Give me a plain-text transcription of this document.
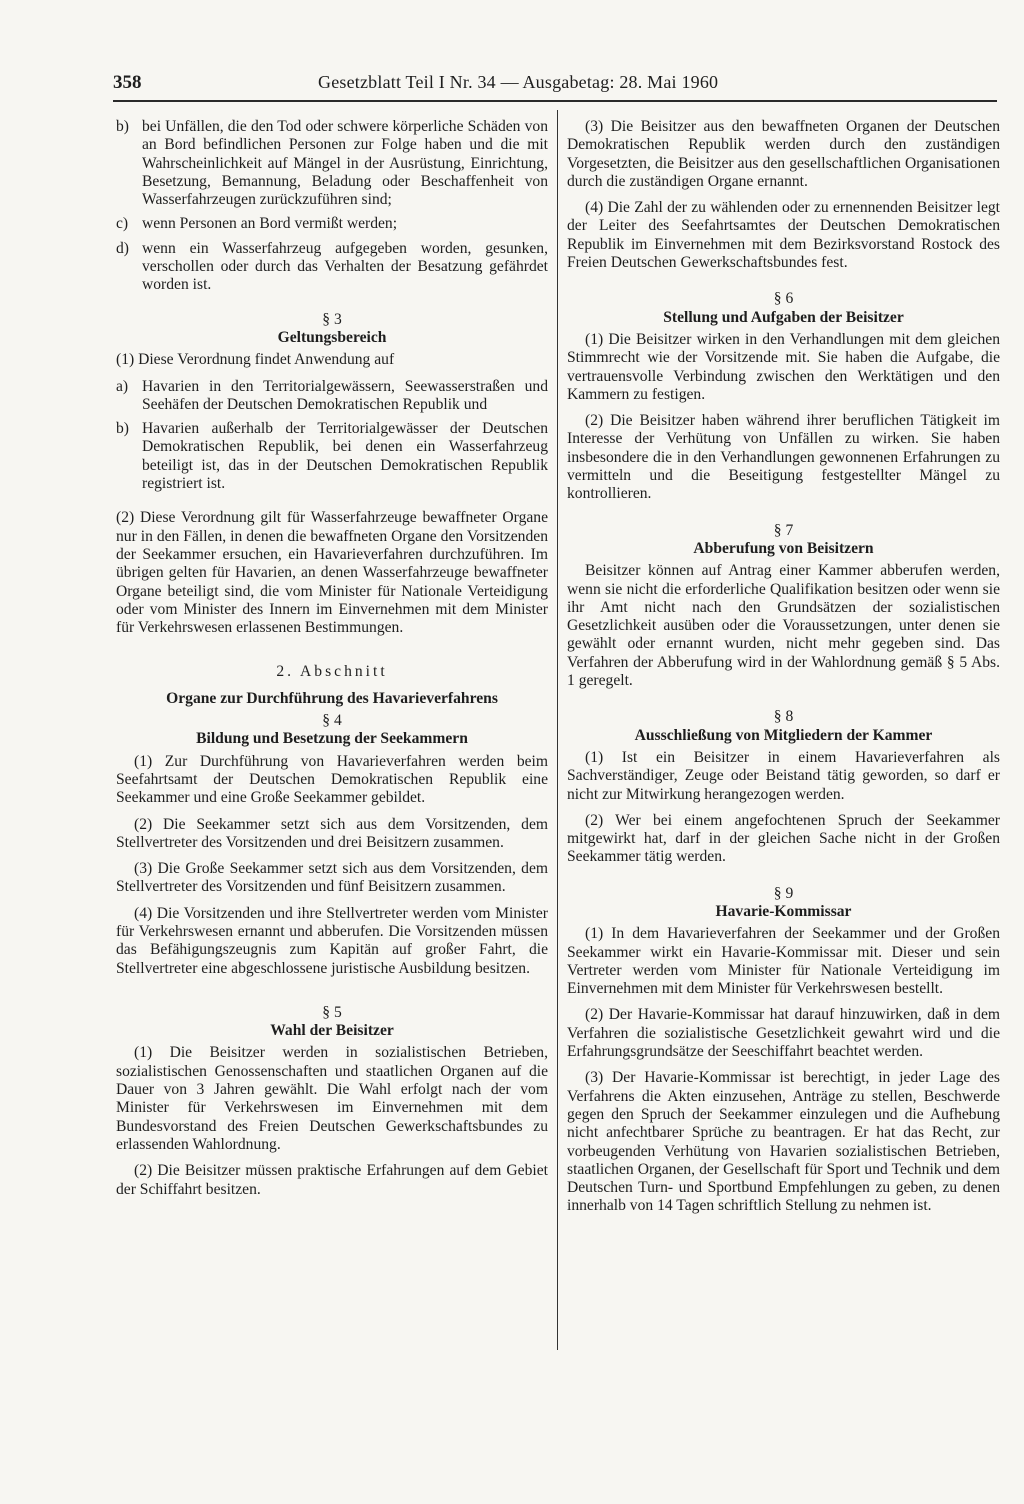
358	Gesetzblatt Teil I Nr. 34 — Ausgabetag: 28. Mai 1960
b) bei Unfällen, die den Tod oder schwere körperliche Schäden von an Bord befindlichen Personen zur Folge haben und die mit Wahrscheinlichkeit auf Mängel in der Ausrüstung, Einrichtung, Besetzung, Bemannung, Beladung oder Beschaffenheit von Wasserfahrzeugen zurückzuführen sind;
c) wenn Personen an Bord vermißt werden;
d) wenn ein Wasserfahrzeug aufgegeben worden, gesunken, verschollen oder durch das Verhalten der Besatzung gefährdet worden ist.
§ 3
Geltungsbereich

(1) Diese Verordnung findet Anwendung auf

a) Havarien in den Territorialgewässern, Seewasserstraßen und Seehäfen der Deutschen Demokratischen Republik und
b) Havarien außerhalb der Territorialgewässer der Deutschen Demokratischen Republik, bei denen ein Wasserfahrzeug beteiligt ist, das in der Deutschen Demokratischen Republik registriert ist.

(2) Diese Verordnung gilt für Wasserfahrzeuge bewaffneter Organe nur in den Fällen, in denen die bewaffneten Organe den Vorsitzenden der Seekammer ersuchen, ein Havarieverfahren durchzuführen. Im übrigen gelten für Havarien, an denen Wasserfahrzeuge bewaffneter Organe beteiligt sind, die vom Minister für Nationale Verteidigung oder vom Minister des Innern im Einvernehmen mit dem Minister für Verkehrswesen erlassenen Bestimmungen.

2. Abschnitt
Organe zur Durchführung des Havarieverfahrens
§ 4
Bildung und Besetzung der Seekammern

(1) Zur Durchführung von Havarieverfahren werden beim Seefahrtsamt der Deutschen Demokratischen Republik eine Seekammer und eine Große Seekammer gebildet.

(2) Die Seekammer setzt sich aus dem Vorsitzenden, dem Stellvertreter des Vorsitzenden und drei Beisitzern zusammen.

(3) Die Große Seekammer setzt sich aus dem Vorsitzenden, dem Stellvertreter des Vorsitzenden und fünf Beisitzern zusammen.

(4) Die Vorsitzenden und ihre Stellvertreter werden vom Minister für Verkehrswesen ernannt und abberufen. Die Vorsitzenden müssen das Befähigungszeugnis zum Kapitän auf großer Fahrt, die Stellvertreter eine abgeschlossene juristische Ausbildung besitzen.

§ 5
Wahl der Beisitzer

(1) Die Beisitzer werden in sozialistischen Betrieben, sozialistischen Genossenschaften und staatlichen Organen auf die Dauer von 3 Jahren gewählt. Die Wahl erfolgt nach der vom Minister für Verkehrswesen im Einvernehmen mit dem Bundesvorstand des Freien Deutschen Gewerkschaftsbundes zu erlassenden Wahlordnung.

(2) Die Beisitzer müssen praktische Erfahrungen auf dem Gebiet der Schiffahrt besitzen.

(3) Die Beisitzer aus den bewaffneten Organen der Deutschen Demokratischen Republik werden durch den zuständigen Vorgesetzten, die Beisitzer aus den gesellschaftlichen Organisationen durch die zuständigen Organe ernannt.

(4) Die Zahl der zu wählenden oder zu ernennenden Beisitzer legt der Leiter des Seefahrtsamtes der Deutschen Demokratischen Republik im Einvernehmen mit dem Bezirksvorstand Rostock des Freien Deutschen Gewerkschaftsbundes fest.

§ 6
Stellung und Aufgaben der Beisitzer

(1) Die Beisitzer wirken in den Verhandlungen mit dem gleichen Stimmrecht wie der Vorsitzende mit. Sie haben die Aufgabe, die vertrauensvolle Verbindung zwischen den Werktätigen und den Kammern zu festigen.

(2) Die Beisitzer haben während ihrer beruflichen Tätigkeit im Interesse der Verhütung von Unfällen zu wirken. Sie haben insbesondere die in den Verhandlungen gewonnenen Erfahrungen zu vermitteln und die Beseitigung festgestellter Mängel zu kontrollieren.

§ 7
Abberufung von Beisitzern

Beisitzer können auf Antrag einer Kammer abberufen werden, wenn sie nicht die erforderliche Qualifikation besitzen oder wenn sie ihr Amt nicht nach den Grundsätzen der sozialistischen Gesetzlichkeit ausüben oder die Voraussetzungen, unter denen sie gewählt oder ernannt wurden, nicht mehr gegeben sind. Das Verfahren der Abberufung wird in der Wahlordnung gemäß § 5 Abs. 1 geregelt.

§ 8
Ausschließung von Mitgliedern der Kammer

(1) Ist ein Beisitzer in einem Havarieverfahren als Sachverständiger, Zeuge oder Beistand tätig geworden, so darf er nicht zur Mitwirkung herangezogen werden.

(2) Wer bei einem angefochtenen Spruch der Seekammer mitgewirkt hat, darf in der gleichen Sache nicht in der Großen Seekammer tätig werden.

§ 9
Havarie-Kommissar

(1) In dem Havarieverfahren der Seekammer und der Großen Seekammer wirkt ein Havarie-Kommissar mit. Dieser und sein Vertreter werden vom Minister für Nationale Verteidigung im Einvernehmen mit dem Minister für Verkehrswesen bestellt.

(2) Der Havarie-Kommissar hat darauf hinzuwirken, daß in dem Verfahren die sozialistische Gesetzlichkeit gewahrt wird und die Erfahrungsgrundsätze der Seeschiffahrt beachtet werden.

(3) Der Havarie-Kommissar ist berechtigt, in jeder Lage des Verfahrens die Akten einzusehen, Anträge zu stellen, Beschwerde gegen den Spruch der Seekammer einzulegen und die Aufhebung nicht anfechtbarer Sprüche zu beantragen. Er hat das Recht, zur vorbeugenden Verhütung von Havarien sozialistischen Betrieben, staatlichen Organen, der Gesellschaft für Sport und Technik und dem Deutschen Turn- und Sportbund Empfehlungen zu geben, zu denen innerhalb von 14 Tagen schriftlich Stellung zu nehmen ist.
